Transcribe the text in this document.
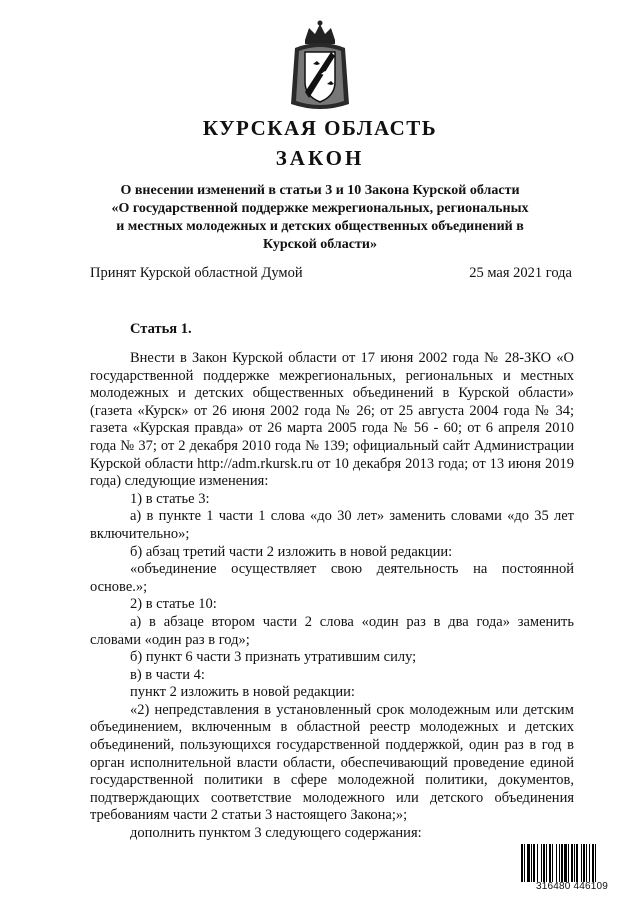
КУРСКАЯ ОБЛАСТЬ
ЗАКОН
О внесении изменений в статьи 3 и 10 Закона Курской области
«О государственной поддержке межрегиональных, региональных
и местных молодежных и детских общественных объединений в
Курской области»
Принят Курской областной Думой	25 мая 2021 года
Статья 1.

Внести в Закон Курской области от 17 июня 2002 года № 28-ЗКО «О государственной поддержке межрегиональных, региональных и местных молодежных и детских общественных объединений в Курской области» (газета «Курск» от 26 июня 2002 года № 26; от 25 августа 2004 года № 34; газета «Курская правда» от 26 марта 2005 года № 56 - 60; от 6 апреля 2010 года № 37; от 2 декабря 2010 года № 139; официальный сайт Администрации Курской области http://adm.rkursk.ru от 10 декабря 2013 года; от 13 июня 2019 года) следующие изменения:

1) в статье 3:

а) в пункте 1 части 1 слова «до 30 лет» заменить словами «до 35 лет включительно»;

б) абзац третий части 2 изложить в новой редакции:

«объединение осуществляет свою деятельность на постоянной основе.»;

2) в статье 10:

а) в абзаце втором части 2 слова «один раз в два года» заменить словами «один раз в год»;

б) пункт 6 части 3 признать утратившим силу;

в) в части 4:

пункт 2 изложить в новой редакции:

«2) непредставления в установленный срок молодежным или детским объединением, включенным в областной реестр молодежных и детских объединений, пользующихся государственной поддержкой, один раз в год в орган исполнительной власти области, обеспечивающий проведение единой государственной политики в сфере молодежной политики, документов, подтверждающих соответствие молодежного или детского объединения требованиям части 2 статьи 3 настоящего Закона;»;

дополнить пунктом 3 следующего содержания:

316480 446109
